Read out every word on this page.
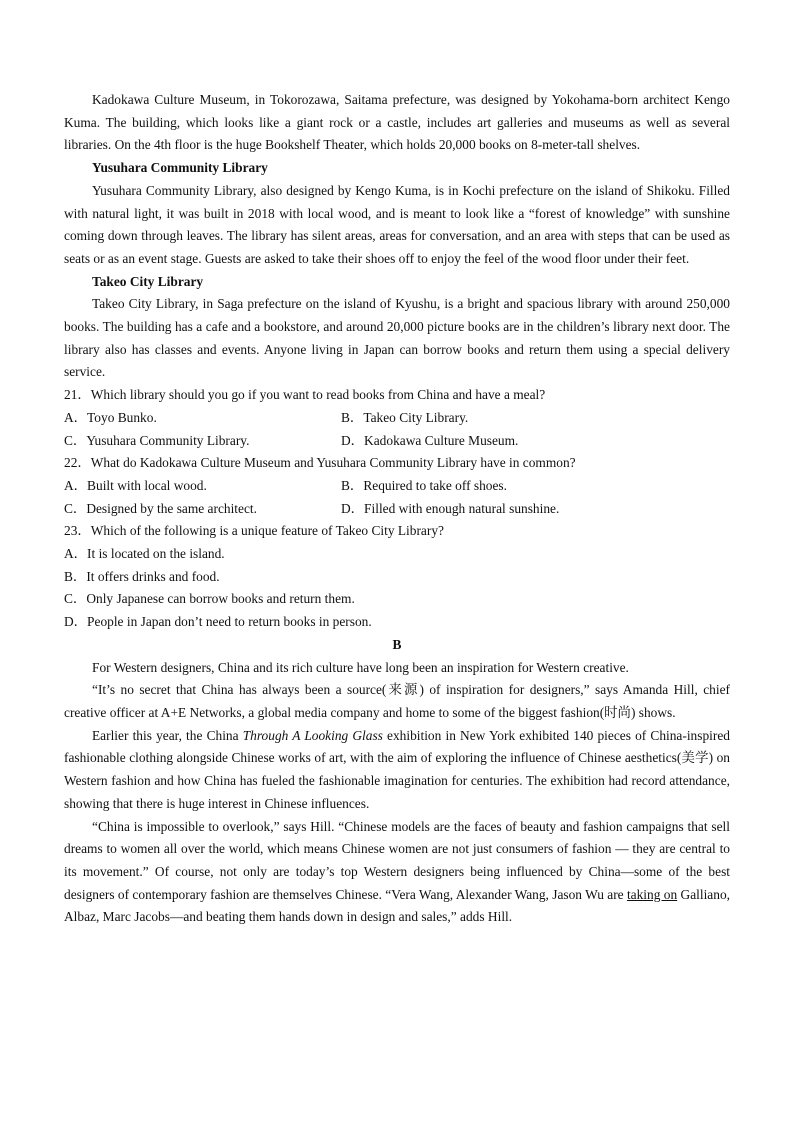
Kadokawa Culture Museum, in Tokorozawa, Saitama prefecture, was designed by Yokohama-born architect Kengo Kuma. The building, which looks like a giant rock or a castle, includes art galleries and museums as well as several libraries. On the 4th floor is the huge Bookshelf Theater, which holds 20,000 books on 8-meter-tall shelves.

Yusuhara Community Library

Yusuhara Community Library, also designed by Kengo Kuma, is in Kochi prefecture on the island of Shikoku. Filled with natural light, it was built in 2018 with local wood, and is meant to look like a “forest of knowledge” with sunshine coming down through leaves. The library has silent areas, areas for conversation, and an area with steps that can be used as seats or as an event stage. Guests are asked to take their shoes off to enjoy the feel of the wood floor under their feet.

Takeo City Library

Takeo City Library, in Saga prefecture on the island of Kyushu, is a bright and spacious library with around 250,000 books. The building has a cafe and a bookstore, and around 20,000 picture books are in the children’s library next door. The library also has classes and events. Anyone living in Japan can borrow books and return them using a special delivery service.

21．Which library should you go if you want to read books from China and have a meal?

A．Toyo Bunko.	B．Takeo City Library.
C．Yusuhara Community Library.	D．Kadokawa Culture Museum.

22．What do Kadokawa Culture Museum and Yusuhara Community Library have in common?

A．Built with local wood.	B．Required to take off shoes.
C．Designed by the same architect.	D．Filled with enough natural sunshine.

23．Which of the following is a unique feature of Takeo City Library?

A．It is located on the island.

B．It offers drinks and food.

C．Only Japanese can borrow books and return them.

D．People in Japan don’t need to return books in person.

B

For Western designers, China and its rich culture have long been an inspiration for Western creative.

“It’s no secret that China has always been a source(来源) of inspiration for designers,” says Amanda Hill, chief creative officer at A+E Networks, a global media company and home to some of the biggest fashion(时尚) shows.

Earlier this year, the China Through A Looking Glass exhibition in New York exhibited 140 pieces of China-inspired fashionable clothing alongside Chinese works of art, with the aim of exploring the influence of Chinese aesthetics(美学) on Western fashion and how China has fueled the fashionable imagination for centuries. The exhibition had record attendance, showing that there is huge interest in Chinese influences.

“China is impossible to overlook,” says Hill. “Chinese models are the faces of beauty and fashion campaigns that sell dreams to women all over the world, which means Chinese women are not just consumers of fashion — they are central to its movement.” Of course, not only are today’s top Western designers being influenced by China—some of the best designers of contemporary fashion are themselves Chinese. “Vera Wang, Alexander Wang, Jason Wu are taking on Galliano, Albaz, Marc Jacobs—and beating them hands down in design and sales,” adds Hill.
